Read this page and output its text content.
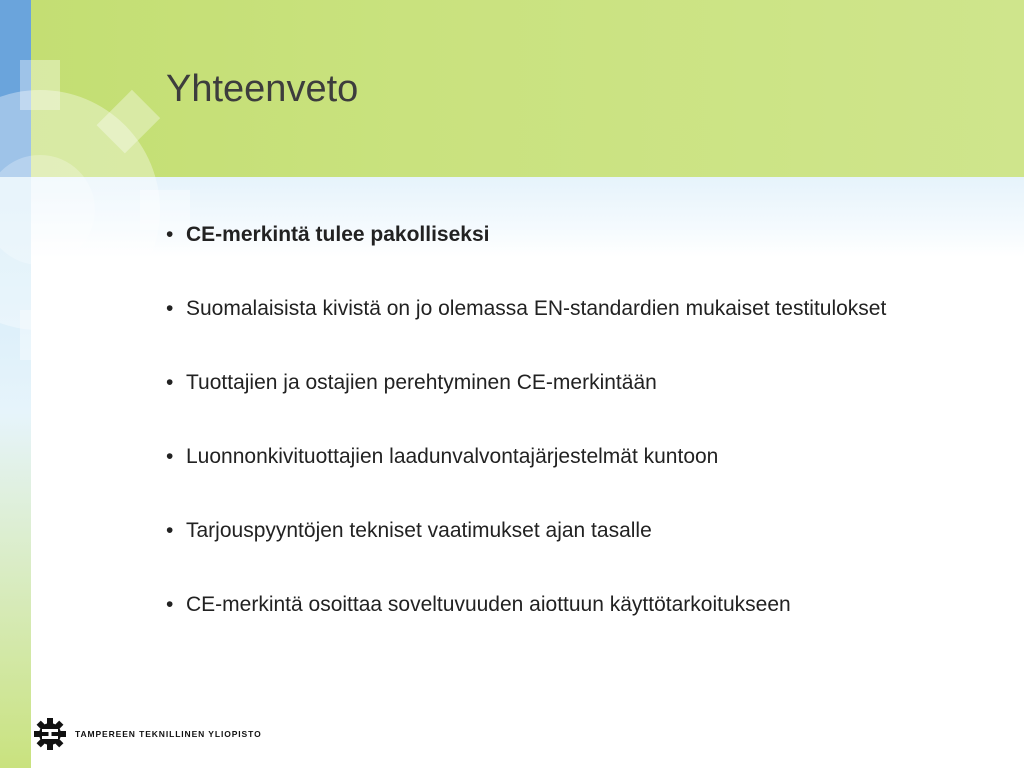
Yhteenveto
• CE-merkintä tulee pakolliseksi
• Suomalaisista kivistä on jo olemassa EN-standardien mukaiset testitulokset
• Tuottajien ja ostajien perehtyminen CE-merkintään
• Luonnonkivituottajien laadunvalvontajärjestelmät kuntoon
• Tarjouspyyntöjen tekniset vaatimukset ajan tasalle
• CE-merkintä osoittaa soveltuvuuden aiottuun käyttötarkoitukseen
TAMPEREEN TEKNILLINEN YLIOPISTO
